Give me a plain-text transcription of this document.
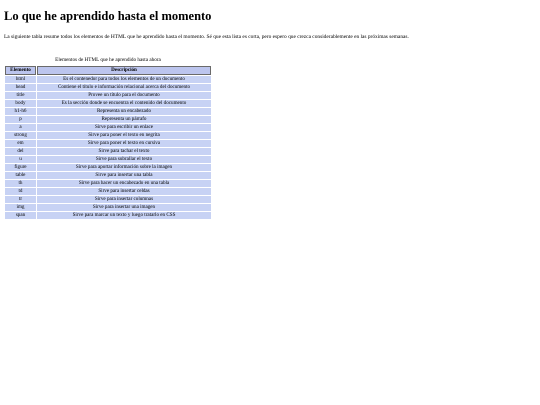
Lo que he aprendido hasta el momento

La siguiente tabla resume todos los elementos de HTML que he aprendido hasta el momento. Sé que esta lista es corta, pero espero que crezca considerablemente en las próximas semanas.

Elementos de HTML que he aprendido hasta ahora
Elemento	Descripción
html	Es el contenedor para todos los elementos de un documento
head	Contiene el título e información relacional acerca del documento
title	Provee un título para el documento
body	Es la sección donde se encuentra el contenido del documento
h1-h6	Representa un encabezado
p	Representa un párrafo
a	Sirve para escribir un enlace
strong	Sirve para poner el texto en negrita
em	Sirve para poner el texto en cursiva
del	Sirve para tachar el texto
u	Sirve para subrallar el texto
figure	Sirve para aportar información sobre la imagen
table	Sirve para insertar una tabla
th	Sirve para hacer un encabezado en una tabla
td	Sirve para insertar celdas
tr	Sirve para insertar columnas
img	Sirve para insertar una imagen
span	Sirve para marcar un texto y luego tratarlo en CSS
